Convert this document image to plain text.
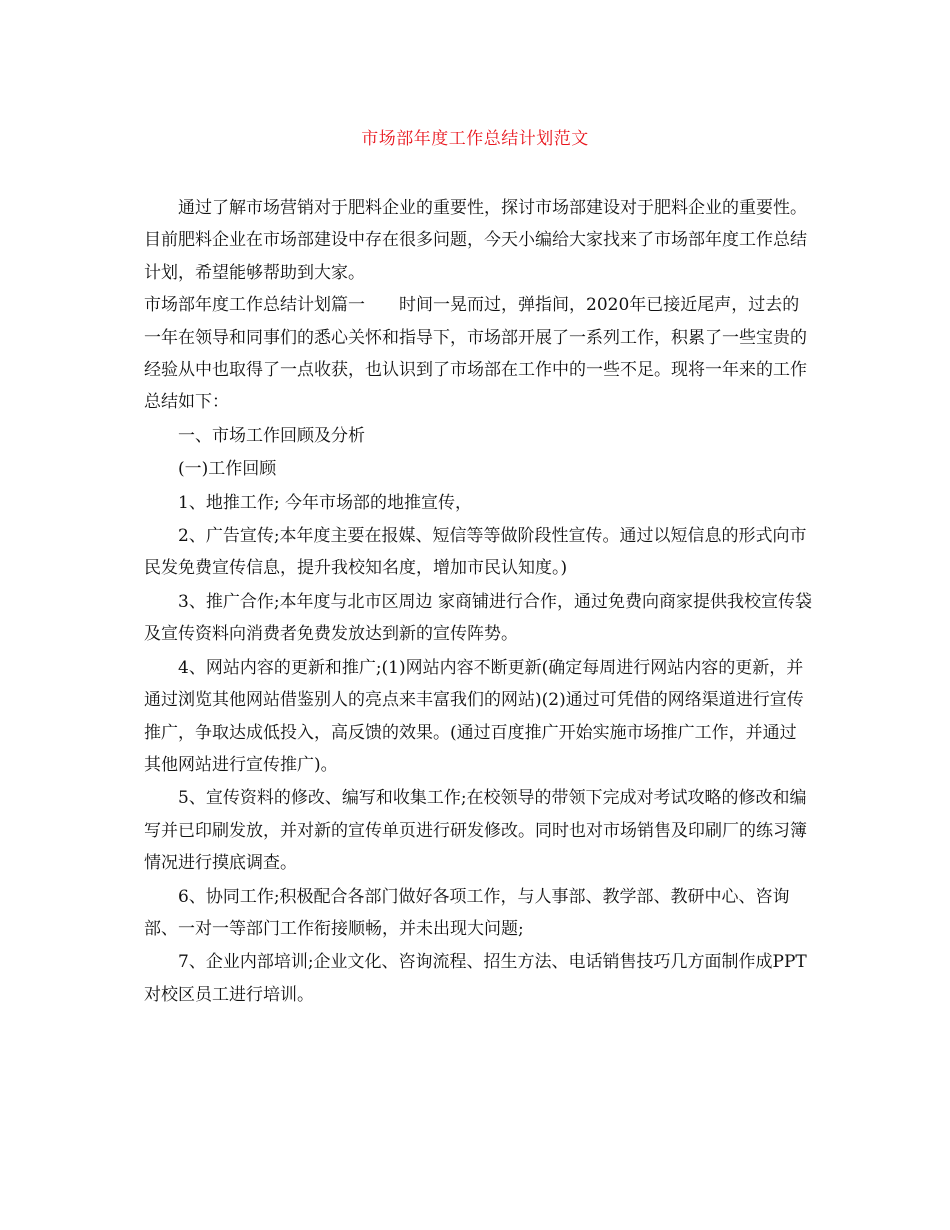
市场部年度工作总结计划范文

通过了解市场营销对于肥料企业的重要性，探讨市场部建设对于肥料企业的重要性。目前肥料企业在市场部建设中存在很多问题，今天小编给大家找来了市场部年度工作总结计划，希望能够帮助到大家。

市场部年度工作总结计划篇一　　时间一晃而过，弹指间，2020年已接近尾声，过去的一年在领导和同事们的悉心关怀和指导下，市场部开展了一系列工作，积累了一些宝贵的经验从中也取得了一点收获，也认识到了市场部在工作中的一些不足。现将一年来的工作总结如下：

一、市场工作回顾及分析

(一)工作回顾

1、地推工作; 今年市场部的地推宣传，

2、广告宣传;本年度主要在报媒、短信等等做阶段性宣传。通过以短信息的形式向市民发免费宣传信息，提升我校知名度，增加市民认知度。)

3、推广合作;本年度与北市区周边 家商铺进行合作，通过免费向商家提供我校宣传袋及宣传资料向消费者免费发放达到新的宣传阵势。

4、网站内容的更新和推广;(1)网站内容不断更新(确定每周进行网站内容的更新，并通过浏览其他网站借鉴别人的亮点来丰富我们的网站)(2)通过可凭借的网络渠道进行宣传推广，争取达成低投入，高反馈的效果。(通过百度推广开始实施市场推广工作，并通过其他网站进行宣传推广)。

5、宣传资料的修改、编写和收集工作;在校领导的带领下完成对考试攻略的修改和编写并已印刷发放，并对新的宣传单页进行研发修改。同时也对市场销售及印刷厂的练习簿情况进行摸底调查。

6、协同工作;积极配合各部门做好各项工作，与人事部、教学部、教研中心、咨询部、一对一等部门工作衔接顺畅，并未出现大问题;

7、企业内部培训;企业文化、咨询流程、招生方法、电话销售技巧几方面制作成PPT对校区员工进行培训。
